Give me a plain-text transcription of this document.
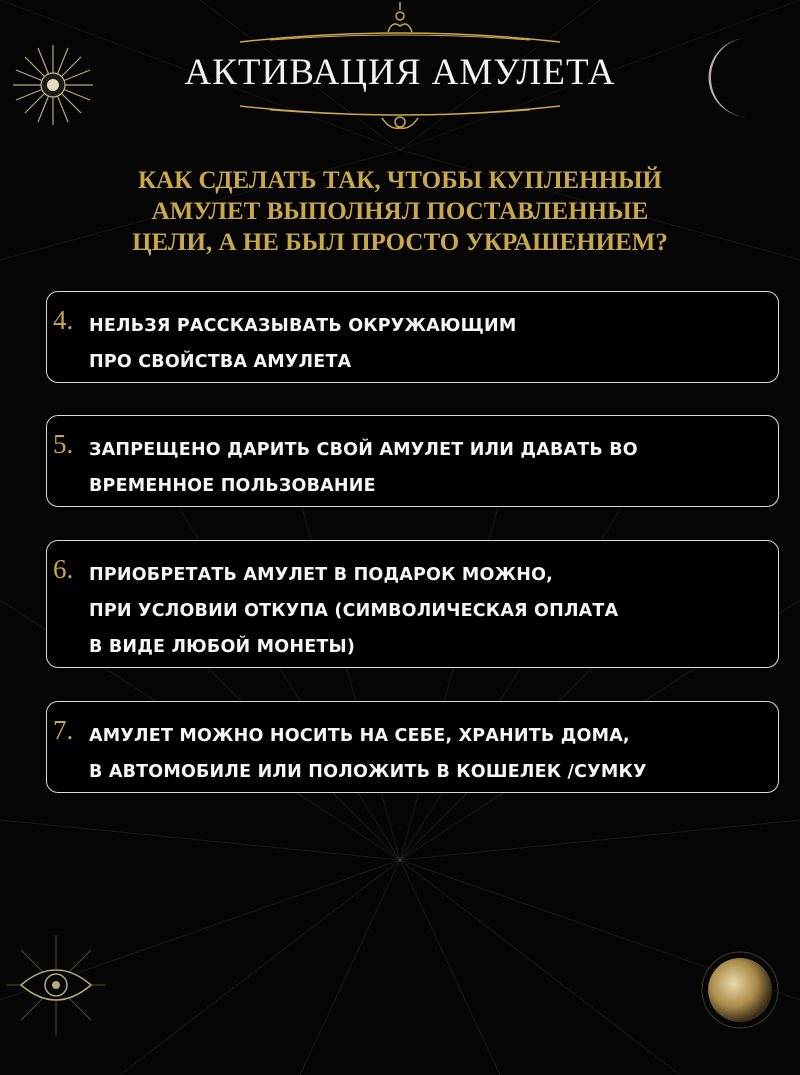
АКТИВАЦИЯ АМУЛЕТА
КАК СДЕЛАТЬ ТАК, ЧТОБЫ КУПЛЕННЫЙ
АМУЛЕТ ВЫПОЛНЯЛ ПОСТАВЛЕННЫЕ
ЦЕЛИ, А НЕ БЫЛ ПРОСТО УКРАШЕНИЕМ?
4. НЕЛЬЗЯ РАССКАЗЫВАТЬ ОКРУЖАЮЩИМ
ПРО СВОЙСТВА АМУЛЕТА
5. ЗАПРЕЩЕНО ДАРИТЬ СВОЙ АМУЛЕТ ИЛИ ДАВАТЬ ВО
ВРЕМЕННОЕ ПОЛЬЗОВАНИЕ
6. ПРИОБРЕТАТЬ АМУЛЕТ В ПОДАРОК МОЖНО,
ПРИ УСЛОВИИ ОТКУПА (СИМВОЛИЧЕСКАЯ ОПЛАТА
В ВИДЕ ЛЮБОЙ МОНЕТЫ)
7. АМУЛЕТ МОЖНО НОСИТЬ НА СЕБЕ, ХРАНИТЬ ДОМА,
В АВТОМОБИЛЕ ИЛИ ПОЛОЖИТЬ В КОШЕЛЕК /СУМКУ
